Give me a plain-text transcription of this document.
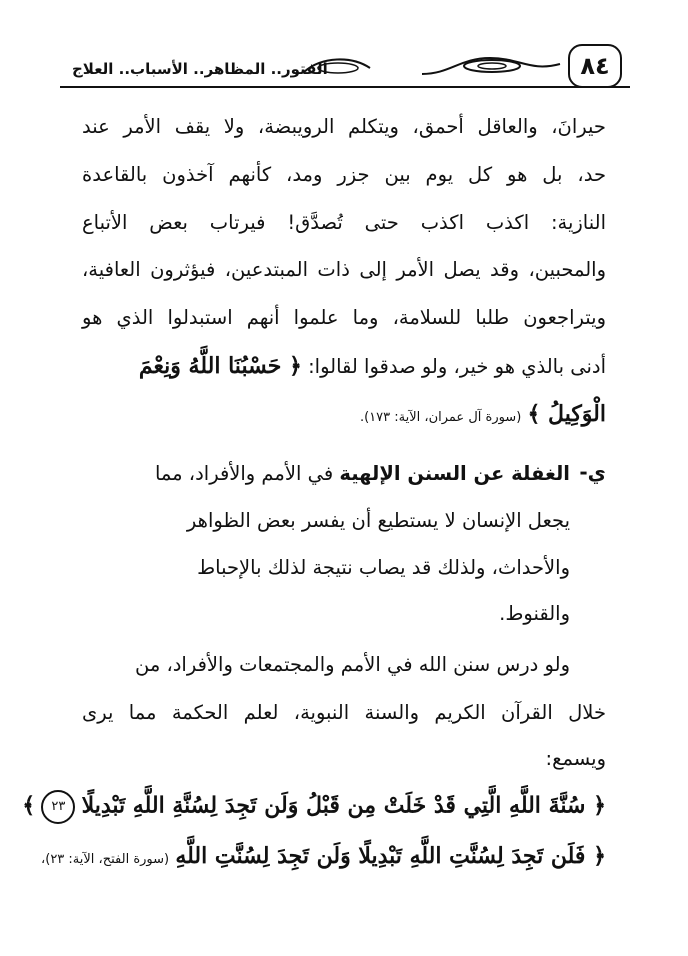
٨٤
الفتور.. المظاهر.. الأسباب.. العلاج
حيرانَ، والعاقل أحمق، ويتكلم الرويبضة، ولا يقف الأمر عند
حد، بل هو كل يوم بين جزر ومد، كأنهم آخذون بالقاعدة
النازية: اكذب اكذب حتى تُصدَّق! فيرتاب بعض الأتباع
والمحبين، وقد يصل الأمر إلى ذات المبتدعين، فيؤثرون العافية،
ويتراجعون طلبا للسلامة، وما علموا أنهم استبدلوا الذي هو
أدنى بالذي هو خير، ولو صدقوا لقالوا: ﴿ حَسْبُنَا اللَّهُ وَنِعْمَ
الْوَكِيلُ ﴾ (سورة آل عمران، الآية: ١٧٣).
ي-
الغفلة عن السنن الإلهية في الأمم والأفراد، مما
يجعل الإنسان لا يستطيع أن يفسر بعض الظواهر
والأحداث، ولذلك قد يصاب نتيجة لذلك بالإحباط
والقنوط.
ولو درس سنن الله في الأمم والمجتمعات والأفراد، من
خلال القرآن الكريم والسنة النبوية، لعلم الحكمة مما يرى
ويسمع:
﴿ سُنَّةَ اللَّهِ الَّتِي قَدْ خَلَتْ مِن قَبْلُ وَلَن تَجِدَ لِسُنَّةِ اللَّهِ تَبْدِيلًا ٢٣ ﴾
﴿ فَلَن تَجِدَ لِسُنَّتِ اللَّهِ تَبْدِيلًا وَلَن تَجِدَ لِسُنَّتِ اللَّهِ (سورة الفتح، الآية: ٢٣)،
